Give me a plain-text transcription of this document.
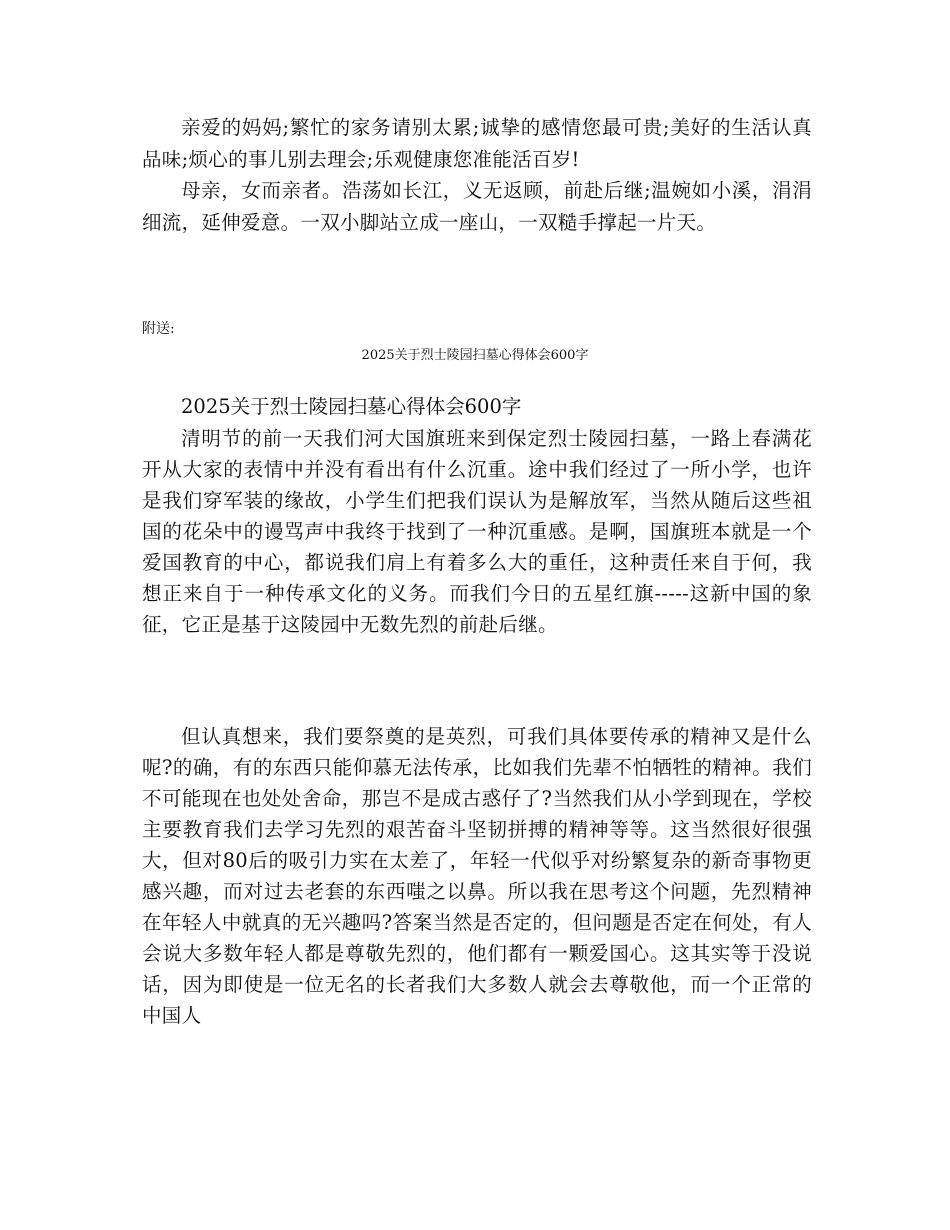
亲爱的妈妈;繁忙的家务请别太累;诚挚的感情您最可贵;美好的生活认真品味;烦心的事儿别去理会;乐观健康您准能活百岁!

母亲，女而亲者。浩荡如长江，义无返顾，前赴后继;温婉如小溪，涓涓细流，延伸爱意。一双小脚站立成一座山，一双糙手撑起一片天。

附送:

2025关于烈士陵园扫墓心得体会600字

2025关于烈士陵园扫墓心得体会600字

清明节的前一天我们河大国旗班来到保定烈士陵园扫墓，一路上春满花开从大家的表情中并没有看出有什么沉重。途中我们经过了一所小学，也许是我们穿军装的缘故，小学生们把我们误认为是解放军，当然从随后这些祖国的花朵中的谩骂声中我终于找到了一种沉重感。是啊，国旗班本就是一个爱国教育的中心，都说我们肩上有着多么大的重任，这种责任来自于何，我想正来自于一种传承文化的义务。而我们今日的五星红旗-----这新中国的象征，它正是基于这陵园中无数先烈的前赴后继。

但认真想来，我们要祭奠的是英烈，可我们具体要传承的精神又是什么呢?的确，有的东西只能仰慕无法传承，比如我们先辈不怕牺牲的精神。我们不可能现在也处处舍命，那岂不是成古惑仔了?当然我们从小学到现在，学校主要教育我们去学习先烈的艰苦奋斗坚韧拼搏的精神等等。这当然很好很强大，但对80后的吸引力实在太差了，年轻一代似乎对纷繁复杂的新奇事物更感兴趣，而对过去老套的东西嗤之以鼻。所以我在思考这个问题，先烈精神在年轻人中就真的无兴趣吗?答案当然是否定的，但问题是否定在何处，有人会说大多数年轻人都是尊敬先烈的，他们都有一颗爱国心。这其实等于没说话，因为即使是一位无名的长者我们大多数人就会去尊敬他，而一个正常的中国人
